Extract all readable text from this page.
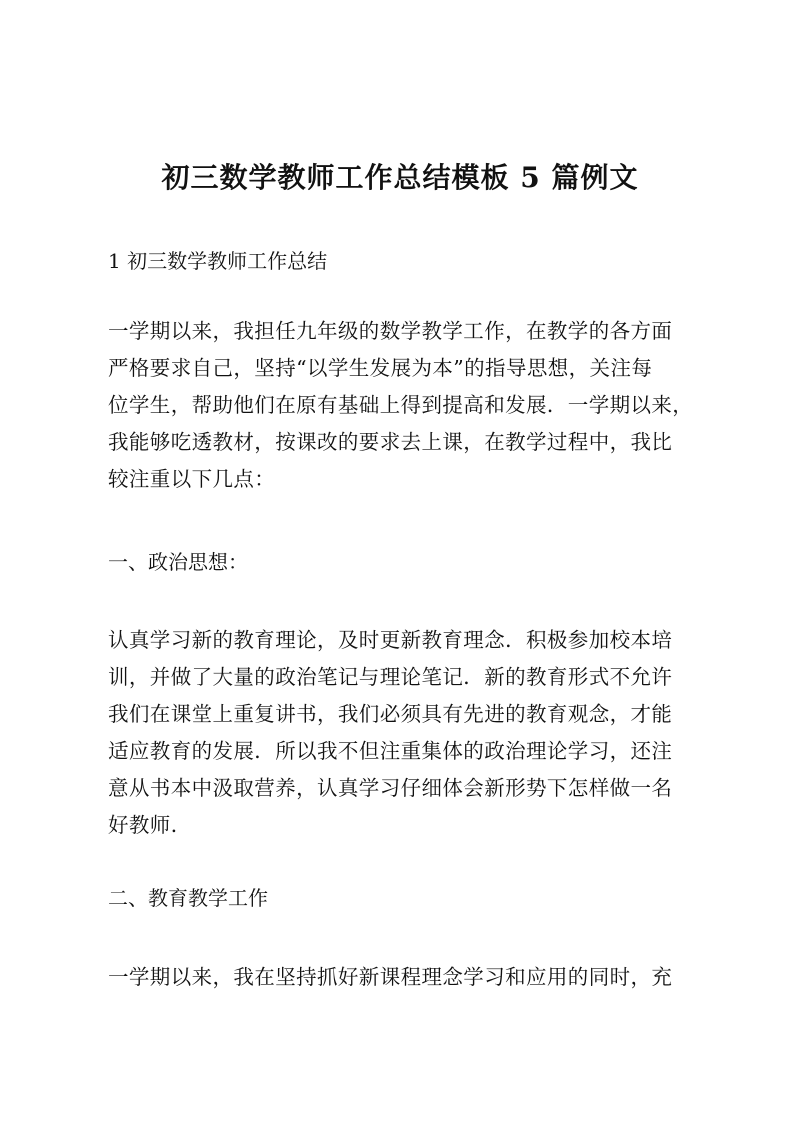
初三数学教师工作总结模板 5 篇例文
1 初三数学教师工作总结
一学期以来，我担任九年级的数学教学工作，在教学的各方面
严格要求自己，坚持“以学生发展为本”的指导思想，关注每
位学生，帮助他们在原有基础上得到提高和发展．一学期以来，
我能够吃透教材，按课改的要求去上课，在教学过程中，我比
较注重以下几点：
一、政治思想：
认真学习新的教育理论，及时更新教育理念．积极参加校本培
训，并做了大量的政治笔记与理论笔记．新的教育形式不允许
我们在课堂上重复讲书，我们必须具有先进的教育观念，才能
适应教育的发展．所以我不但注重集体的政治理论学习，还注
意从书本中汲取营养，认真学习仔细体会新形势下怎样做一名
好教师．
二、教育教学工作
一学期以来，我在坚持抓好新课程理念学习和应用的同时，充
